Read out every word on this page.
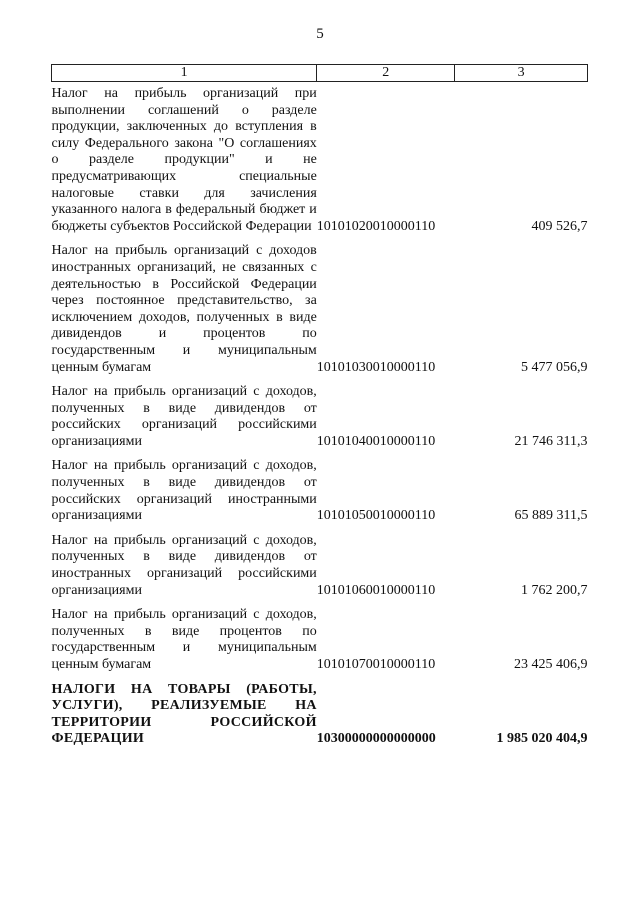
5
1	2	3
Налог на прибыль организаций при выполнении соглашений о разделе продукции, заключенных до вступления в силу Федерального закона "О соглашениях о разделе продукции" и не предусматривающих специальные налоговые ставки для зачисления указанного налога в федеральный бюджет и бюджеты субъектов Российской Федерации	10101020010000110	409 526,7
Налог на прибыль организаций с доходов иностранных организаций, не связанных с деятельностью в Российской Федерации через постоянное представительство, за исключением доходов, полученных в виде дивидендов и процентов по государственным и муниципальным ценным бумагам	10101030010000110	5 477 056,9
Налог на прибыль организаций с доходов, полученных в виде дивидендов от российских организаций российскими организациями	10101040010000110	21 746 311,3
Налог на прибыль организаций с доходов, полученных в виде дивидендов от российских организаций иностранными организациями	10101050010000110	65 889 311,5
Налог на прибыль организаций с доходов, полученных в виде дивидендов от иностранных организаций российскими организациями	10101060010000110	1 762 200,7
Налог на прибыль организаций с доходов, полученных в виде процентов по государственным и муниципальным ценным бумагам	10101070010000110	23 425 406,9
НАЛОГИ НА ТОВАРЫ (РАБОТЫ, УСЛУГИ), РЕАЛИЗУЕМЫЕ НА ТЕРРИТОРИИ РОССИЙСКОЙ ФЕДЕРАЦИИ	10300000000000000	1 985 020 404,9
